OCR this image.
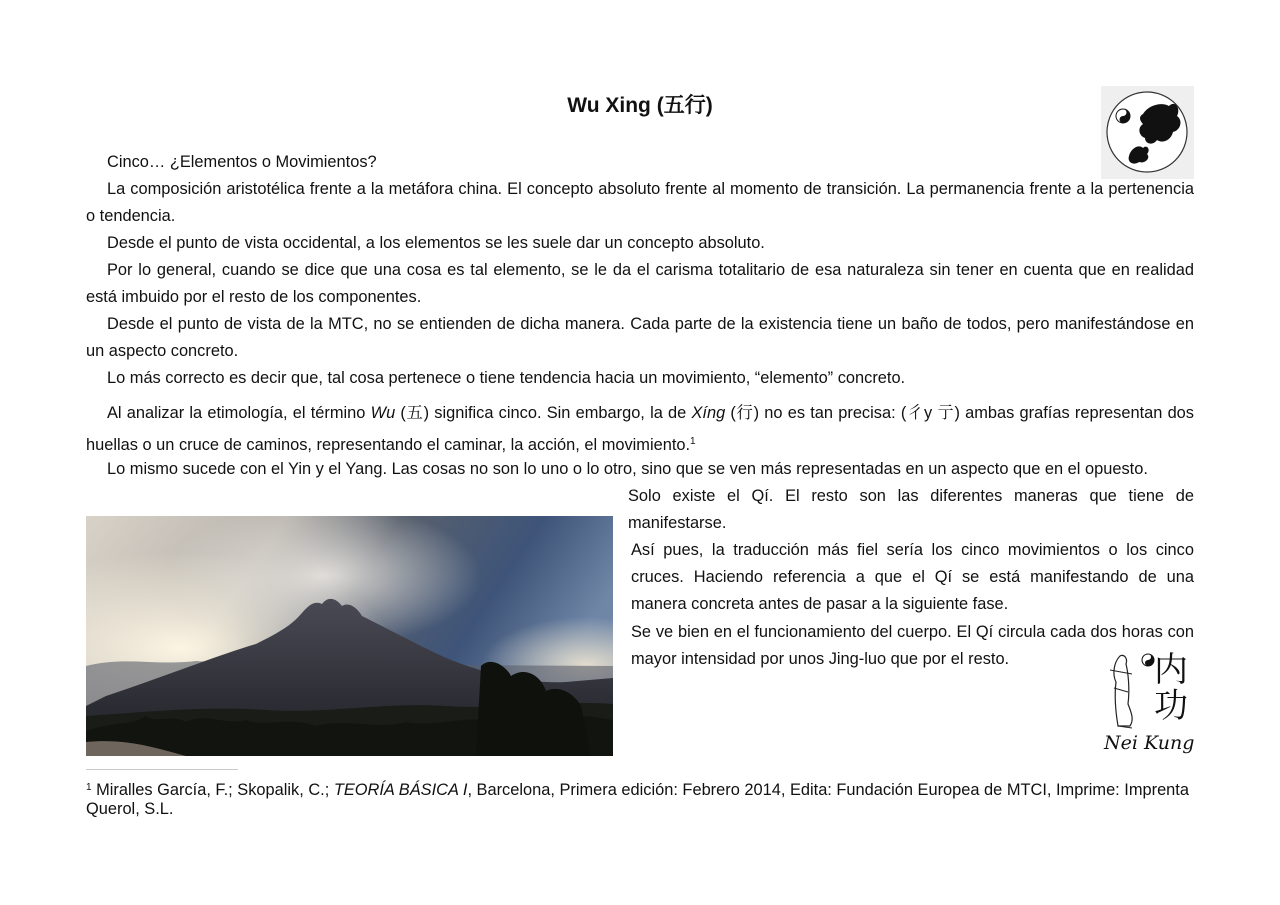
Wu Xing (五行)
Cinco… ¿Elementos o Movimientos?
La composición aristotélica frente a la metáfora china. El concepto absoluto frente al momento de transición. La permanencia frente a la pertenencia o tendencia.
Desde el punto de vista occidental, a los elementos se les suele dar un concepto absoluto.
Por lo general, cuando se dice que una cosa es tal elemento, se le da el carisma totalitario de esa naturaleza sin tener en cuenta que en realidad está imbuido por el resto de los componentes.
Desde el punto de vista de la MTC, no se entienden de dicha manera. Cada parte de la existencia tiene un baño de todos, pero manifestándose en un aspecto concreto.
Lo más correcto es decir que, tal cosa pertenece o tiene tendencia hacia un movimiento, “elemento” concreto.
Al analizar la etimología, el término Wu (五) significa cinco. Sin embargo, la de Xíng (行) no es tan precisa: (彳y 亍) ambas grafías representan dos huellas o un cruce de caminos, representando el caminar, la acción, el movimiento.$^1$
Lo mismo sucede con el Yin y el Yang. Las cosas no son lo uno o lo otro, sino que se ven más representadas en un aspecto que en el opuesto.
Solo existe el Qí. El resto son las diferentes maneras que tiene de manifestarse.
Así pues, la traducción más fiel sería los cinco movimientos o los cinco cruces. Haciendo referencia a que el Qí se está manifestando de una manera concreta antes de pasar a la siguiente fase.
Se ve bien en el funcionamiento del cuerpo. El Qí circula cada dos horas con mayor intensidad por unos Jing-luo que por el resto.	内功
Nei Kung
$^1$ Miralles García, F.; Skopalik, C.; TEORÍA BÁSICA I, Barcelona, Primera edición: Febrero 2014, Edita: Fundación Europea de MTCI, Imprime: Imprenta Querol, S.L.
